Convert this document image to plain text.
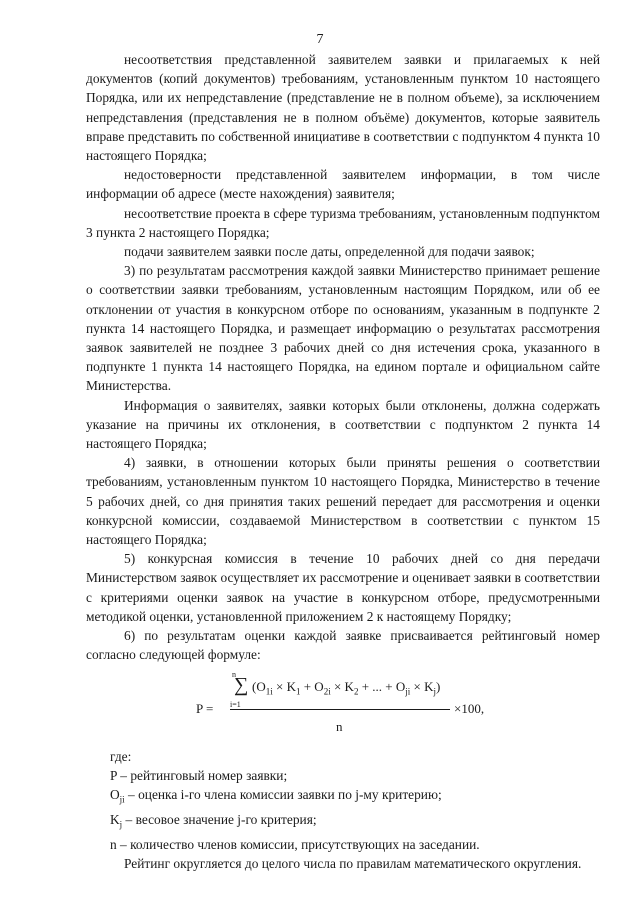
7

несоответствия представленной заявителем заявки и прилагаемых к ней документов (копий документов) требованиям, установленным пунктом 10 настоящего Порядка, или их непредставление (представление не в полном объеме), за исключением непредставления (представления не в полном объёме) документов, которые заявитель вправе представить по собственной инициативе в соответствии с подпунктом 4 пункта 10 настоящего Порядка;

недостоверности представленной заявителем информации, в том числе информации об адресе (месте нахождения) заявителя;

несоответствие проекта в сфере туризма требованиям, установленным подпунктом 3 пункта 2 настоящего Порядка;

подачи заявителем заявки после даты, определенной для подачи заявок;

3) по результатам рассмотрения каждой заявки Министерство принимает решение о соответствии заявки требованиям, установленным настоящим Порядком, или об ее отклонении от участия в конкурсном отборе по основаниям, указанным в подпункте 2 пункта 14 настоящего Порядка, и размещает информацию о результатах рассмотрения заявок заявителей не позднее 3 рабочих дней со дня истечения срока, указанного в подпункте 1 пункта 14 настоящего Порядка, на едином портале и официальном сайте Министерства.

Информация о заявителях, заявки которых были отклонены, должна содержать указание на причины их отклонения, в соответствии с подпунктом 2 пункта 14 настоящего Порядка;

4) заявки, в отношении которых были приняты решения о соответствии требованиям, установленным пунктом 10 настоящего Порядка, Министерство в течение 5 рабочих дней, со дня принятия таких решений передает для рассмотрения и оценки конкурсной комиссии, создаваемой Министерством в соответствии с пунктом 15 настоящего Порядка;

5) конкурсная комиссия в течение 10 рабочих дней со дня передачи Министерством заявок осуществляет их рассмотрение и оценивает заявки в соответствии с критериями оценки заявок на участие в конкурсном отборе, предусмотренными методикой оценки, установленной приложением 2 к настоящему Порядку;

6) по результатам оценки каждой заявке присваивается рейтинговый номер согласно следующей формуле:

n
∑
i=1
($O_{1i} \times K_1 + O_{2i} \times K_2$ + ... + $O_{ji} \times K_j$)
P =
n
×100,

где:

P – рейтинговый номер заявки;

$O_{ji}$ – оценка i-го члена комиссии заявки по j-му критерию;

$K_j$ – весовое значение j-го критерия;

n – количество членов комиссии, присутствующих на заседании.

Рейтинг округляется до целого числа по правилам математического округления.
